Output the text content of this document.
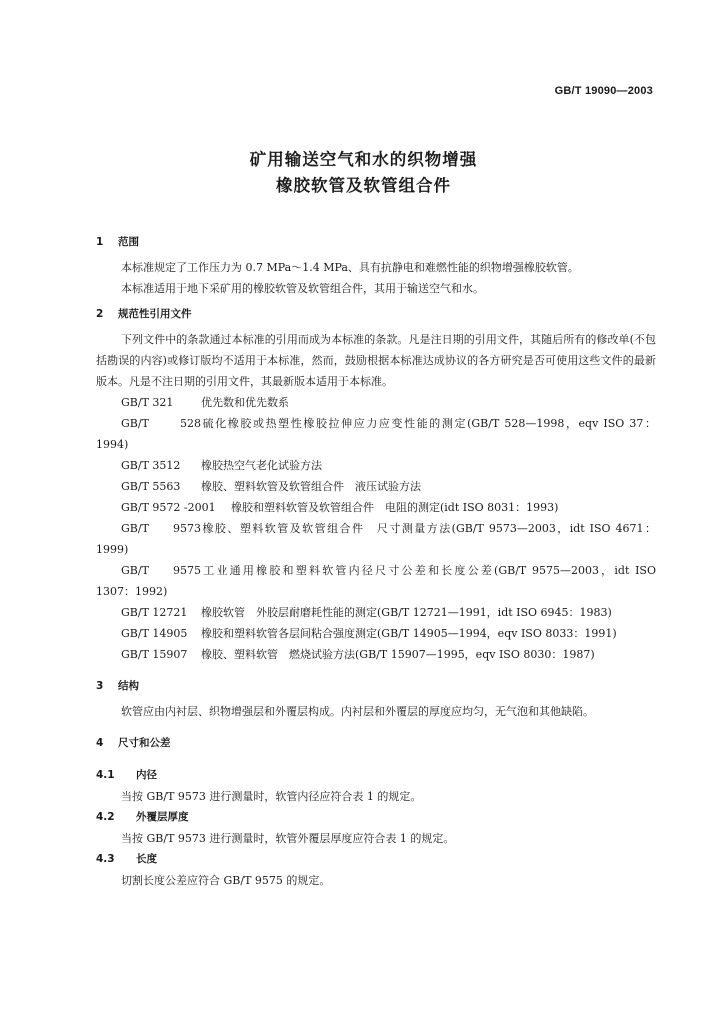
GB/T 19090—2003
矿用输送空气和水的织物增强
橡胶软管及软管组合件
1 范围

本标准规定了工作压力为 0.7 MPa～1.4 MPa、具有抗静电和难燃性能的织物增强橡胶软管。

本标准适用于地下采矿用的橡胶软管及软管组合件，其用于输送空气和水。

2 规范性引用文件

下列文件中的条款通过本标准的引用而成为本标准的条款。凡是注日期的引用文件，其随后所有的修改单(不包括勘误的内容)或修订版均不适用于本标准，然而，鼓励根据本标准达成协议的各方研究是否可使用这些文件的最新版本。凡是不注日期的引用文件，其最新版本适用于本标准。

GB/T 321	优先数和优先数系

GB/T 528硫化橡胶或热塑性橡胶拉伸应力应变性能的测定(GB/T 528—1998，eqv ISO 37：

1994)

GB/T 3512 橡胶热空气老化试验方法

GB/T 5563 橡胶、塑料软管及软管组合件　液压试验方法

GB/T 9572 -2001 橡胶和塑料软管及软管组合件　电阻的测定(idt ISO 8031：1993)

GB/T 9573橡胶、塑料软管及软管组合件　尺寸测量方法(GB/T 9573—2003，idt ISO 4671：

1999)

GB/T 9575工业通用橡胶和塑料软管内径尺寸公差和长度公差(GB/T 9575—2003，idt ISO

1307：1992)

GB/T 12721 橡胶软管　外胶层耐磨耗性能的测定(GB/T 12721—1991，idt ISO 6945：1983)

GB/T 14905 橡胶和塑料软管各层间粘合强度测定(GB/T 14905—1994，eqv ISO 8033：1991)

GB/T 15907 橡胶、塑料软管　燃烧试验方法(GB/T 15907—1995，eqv ISO 8030：1987)

3 结构

软管应由内衬层、织物增强层和外覆层构成。内衬层和外覆层的厚度应均匀，无气泡和其他缺陷。

4 尺寸和公差
4.1 内径

当按 GB/T 9573 进行测量时，软管内径应符合表 1 的规定。

4.2 外覆层厚度

当按 GB/T 9573 进行测量时，软管外覆层厚度应符合表 1 的规定。

4.3 长度

切割长度公差应符合 GB/T 9575 的规定。
